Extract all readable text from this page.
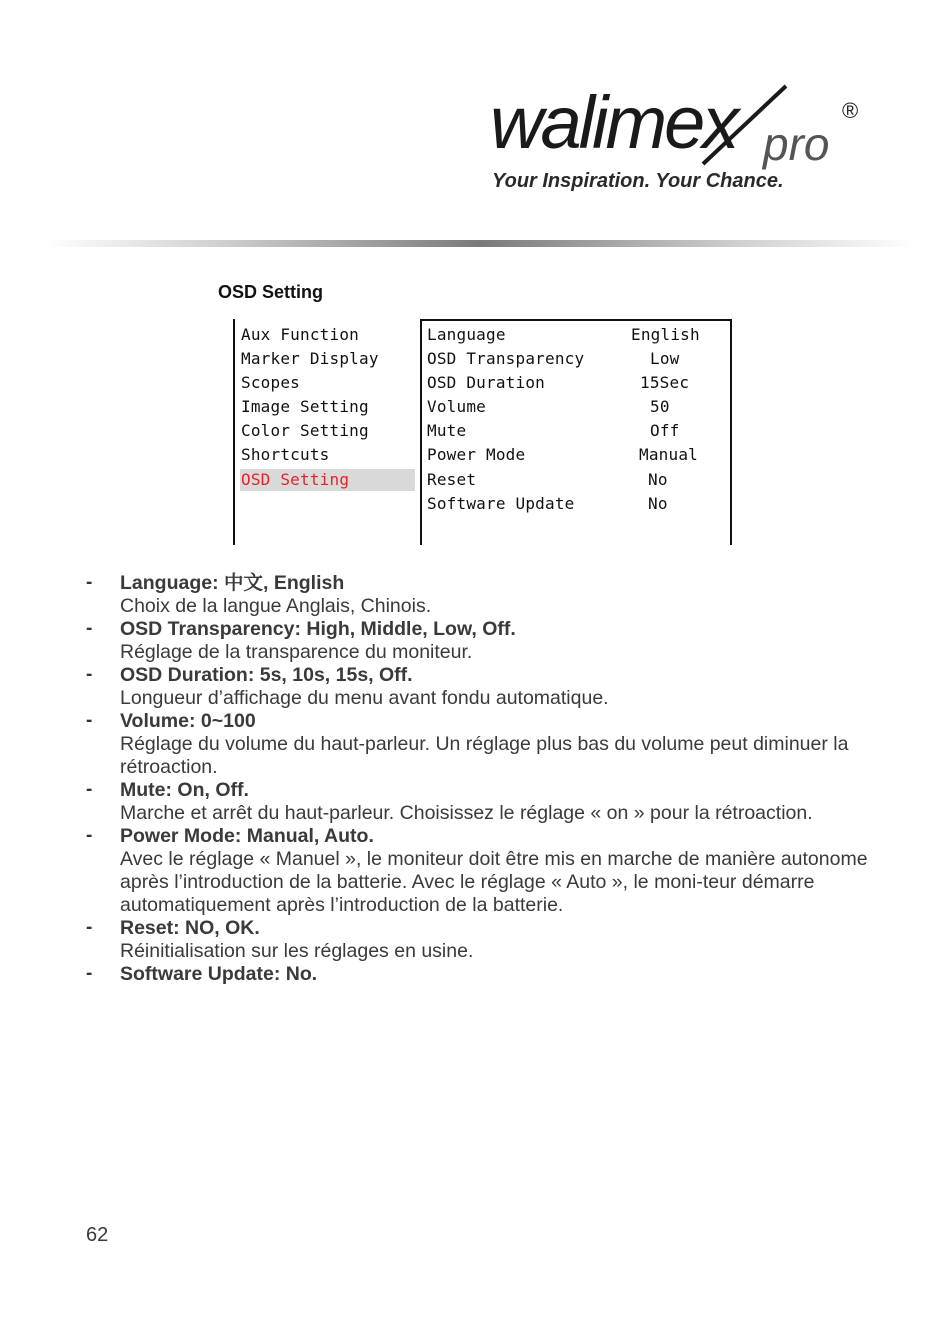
walimex pro
®
Your Inspiration. Your Chance.
OSD Setting
Aux Function
Marker Display
Scopes
Image Setting
Color Setting
Shortcuts
OSD Setting
Language
OSD Transparency
OSD Duration
Volume
Mute
Power Mode
Reset
Software Update
English
Low
15Sec
50
Off
Manual
No
No
- Language: 中文, English
Choix de la langue Anglais, Chinois.
- OSD Transparency: High, Middle, Low, Off.
Réglage de la transparence du moniteur.
- OSD Duration: 5s, 10s, 15s, Off.
Longueur d’affichage du menu avant fondu automatique.
- Volume: 0~100
Réglage du volume du haut-parleur. Un réglage plus bas du volume peut diminuer la rétroaction.
- Mute: On, Off.
Marche et arrêt du haut-parleur. Choisissez le réglage « on » pour la rétroaction.
- Power Mode: Manual, Auto.
Avec le réglage « Manuel », le moniteur doit être mis en marche de manière autonome après l’introduction de la batterie. Avec le réglage « Auto », le moni-teur démarre automatiquement après l’introduction de la batterie.
- Reset: NO, OK.
Réinitialisation sur les réglages en usine.
- Software Update: No.
62
